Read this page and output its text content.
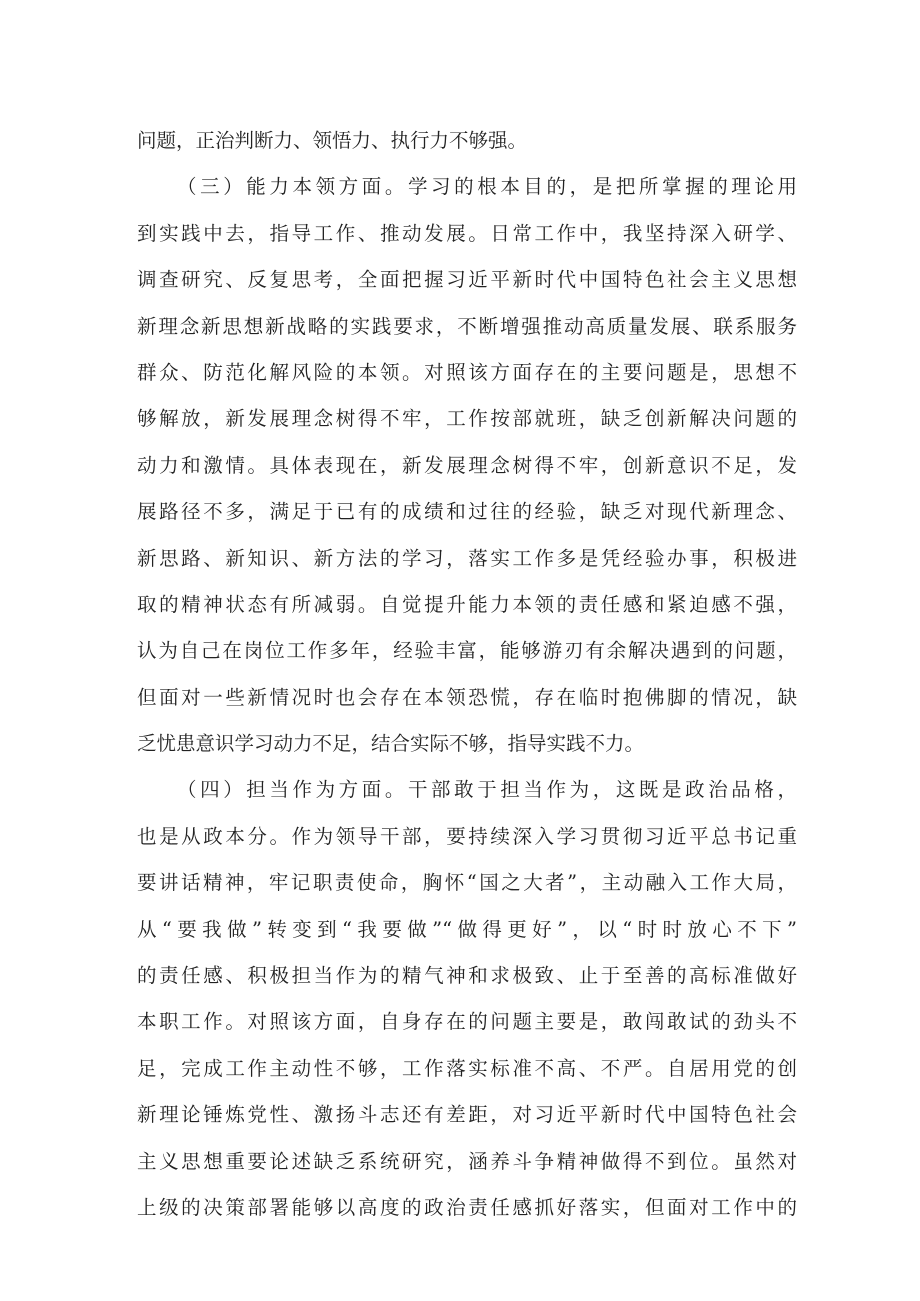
问题，正治判断力、领悟力、执行力不够强。
（三）能力本领方面。学习的根本目的，是把所掌握的理论用
到实践中去，指导工作、推动发展。日常工作中，我坚持深入研学、
调查研究、反复思考，全面把握习近平新时代中国特色社会主义思想
新理念新思想新战略的实践要求，不断增强推动高质量发展、联系服务
群众、防范化解风险的本领。对照该方面存在的主要问题是，思想不
够解放，新发展理念树得不牢，工作按部就班，缺乏创新解决问题的
动力和激情。具体表现在，新发展理念树得不牢，创新意识不足，发
展路径不多，满足于已有的成绩和过往的经验，缺乏对现代新理念、
新思路、新知识、新方法的学习，落实工作多是凭经验办事，积极进
取的精神状态有所减弱。自觉提升能力本领的责任感和紧迫感不强，
认为自己在岗位工作多年，经验丰富，能够游刃有余解决遇到的问题，
但面对一些新情况时也会存在本领恐慌，存在临时抱佛脚的情况，缺
乏忧患意识学习动力不足，结合实际不够，指导实践不力。
（四）担当作为方面。干部敢于担当作为，这既是政治品格，
也是从政本分。作为领导干部，要持续深入学习贯彻习近平总书记重
要讲话精神，牢记职责使命，胸怀“国之大者”，主动融入工作大局，
从“要我做”转变到“我要做”“做得更好”，以“时时放心不下”
的责任感、积极担当作为的精气神和求极致、止于至善的高标准做好
本职工作。对照该方面，自身存在的问题主要是，敢闯敢试的劲头不
足，完成工作主动性不够，工作落实标准不高、不严。自居用党的创
新理论锤炼党性、激扬斗志还有差距，对习近平新时代中国特色社会
主义思想重要论述缺乏系统研究，涵养斗争精神做得不到位。虽然对
上级的决策部署能够以高度的政治责任感抓好落实，但面对工作中的
